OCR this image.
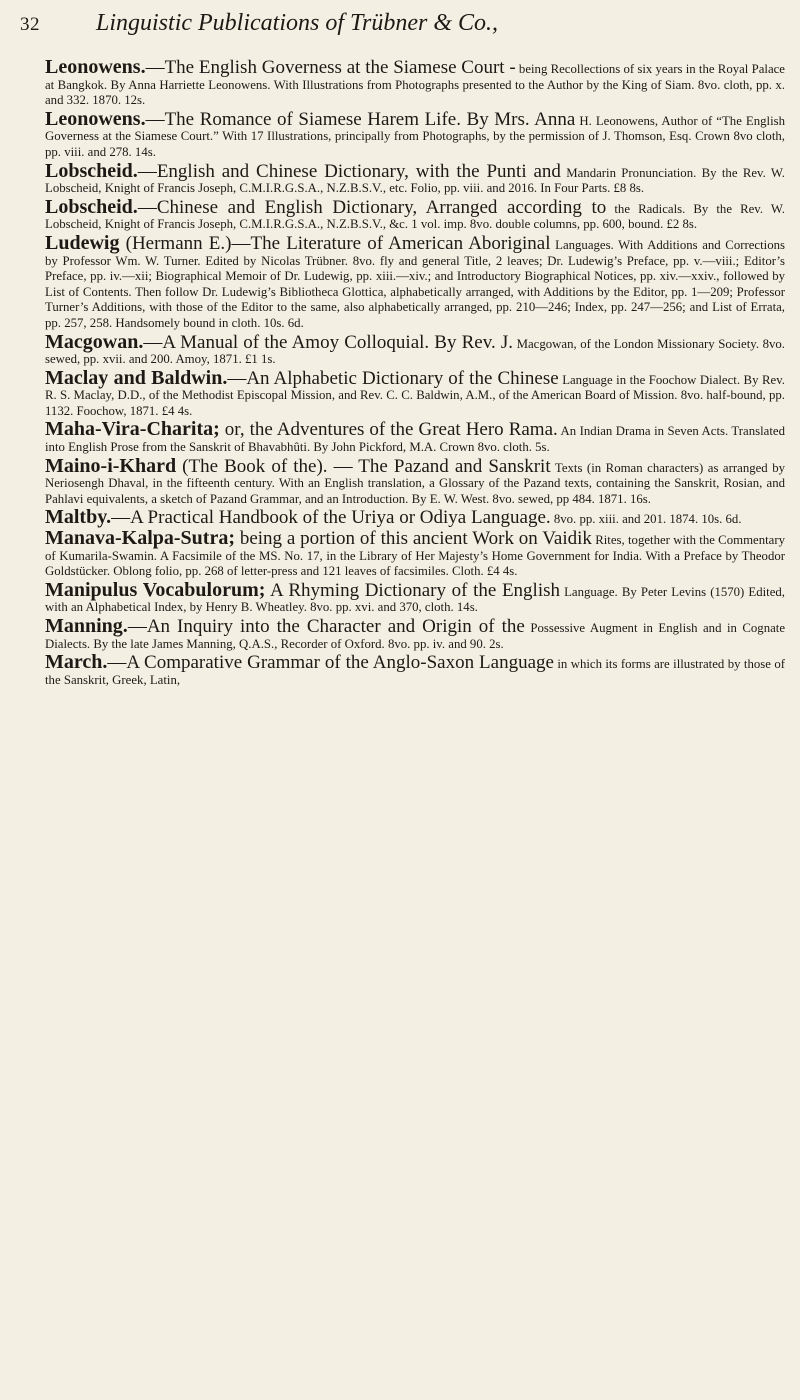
32 Linguistic Publications of Trübner & Co.,
Leonowens.—The English Governess at the Siamese Court - being Recollections of six years in the Royal Palace at Bangkok. By Anna Harriette Leonowens. With Illustrations from Photographs presented to the Author by the King of Siam. 8vo. cloth, pp. x. and 332. 1870. 12s.
Leonowens.—The Romance of Siamese Harem Life. By Mrs. Anna H. Leonowens, Author of “The English Governess at the Siamese Court.” With 17 Illustrations, principally from Photographs, by the permission of J. Thomson, Esq. Crown 8vo cloth, pp. viii. and 278. 14s.
Lobscheid.—English and Chinese Dictionary, with the Punti and Mandarin Pronunciation. By the Rev. W. Lobscheid, Knight of Francis Joseph, C.M.I.R.G.S.A., N.Z.B.S.V., etc. Folio, pp. viii. and 2016. In Four Parts. £8 8s.
Lobscheid.—Chinese and English Dictionary, Arranged according to the Radicals. By the Rev. W. Lobscheid, Knight of Francis Joseph, C.M.I.R.G.S.A., N.Z.B.S.V., &c. 1 vol. imp. 8vo. double columns, pp. 600, bound. £2 8s.
Ludewig (Hermann E.)—The Literature of American Aboriginal Languages. With Additions and Corrections by Professor Wm. W. Turner. Edited by Nicolas Trübner. 8vo. fly and general Title, 2 leaves; Dr. Ludewig’s Preface, pp. v.—viii.; Editor’s Preface, pp. iv.—xii; Biographical Memoir of Dr. Ludewig, pp. xiii.—xiv.; and Introductory Biographical Notices, pp. xiv.—xxiv., followed by List of Contents. Then follow Dr. Ludewig’s Bibliotheca Glottica, alphabetically arranged, with Additions by the Editor, pp. 1—209; Professor Turner’s Additions, with those of the Editor to the same, also alphabetically arranged, pp. 210—246; Index, pp. 247—256; and List of Errata, pp. 257, 258. Handsomely bound in cloth. 10s. 6d.
Macgowan.—A Manual of the Amoy Colloquial. By Rev. J. Macgowan, of the London Missionary Society. 8vo. sewed, pp. xvii. and 200. Amoy, 1871. £1 1s.
Maclay and Baldwin.—An Alphabetic Dictionary of the Chinese Language in the Foochow Dialect. By Rev. R. S. Maclay, D.D., of the Methodist Episcopal Mission, and Rev. C. C. Baldwin, A.M., of the American Board of Mission. 8vo. half-bound, pp. 1132. Foochow, 1871. £4 4s.
Maha-Vira-Charita; or, the Adventures of the Great Hero Rama. An Indian Drama in Seven Acts. Translated into English Prose from the Sanskrit of Bhavabhûti. By John Pickford, M.A. Crown 8vo. cloth. 5s.
Maino-i-Khard (The Book of the). — The Pazand and Sanskrit Texts (in Roman characters) as arranged by Neriosengh Dhaval, in the fifteenth century. With an English translation, a Glossary of the Pazand texts, containing the Sanskrit, Rosian, and Pahlavi equivalents, a sketch of Pazand Grammar, and an Introduction. By E. W. West. 8vo. sewed, pp 484. 1871. 16s.
Maltby.—A Practical Handbook of the Uriya or Odiya Language. 8vo. pp. xiii. and 201. 1874. 10s. 6d.
Manava-Kalpa-Sutra; being a portion of this ancient Work on Vaidik Rites, together with the Commentary of Kumarila-Swamin. A Facsimile of the MS. No. 17, in the Library of Her Majesty’s Home Government for India. With a Preface by Theodor Goldstücker. Oblong folio, pp. 268 of letter-press and 121 leaves of facsimiles. Cloth. £4 4s.
Manipulus Vocabulorum; A Rhyming Dictionary of the English Language. By Peter Levins (1570) Edited, with an Alphabetical Index, by Henry B. Wheatley. 8vo. pp. xvi. and 370, cloth. 14s.
Manning.—An Inquiry into the Character and Origin of the Possessive Augment in English and in Cognate Dialects. By the late James Manning, Q.A.S., Recorder of Oxford. 8vo. pp. iv. and 90. 2s.
March.—A Comparative Grammar of the Anglo-Saxon Language in which its forms are illustrated by those of the Sanskrit, Greek, Latin,
